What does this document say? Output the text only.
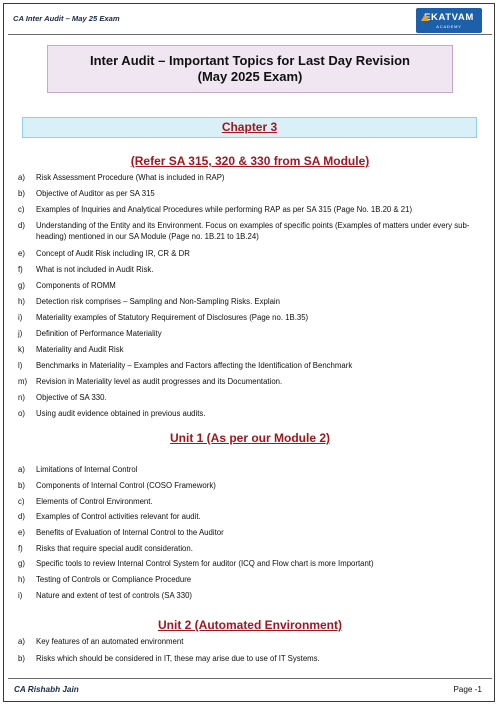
CA Inter Audit – May 25 Exam	EKATVAM
ACADEMY
Inter Audit – Important Topics for Last Day Revision
(May 2025 Exam)
Chapter 3
(Refer SA 315, 320 & 330 from SA Module)
a) Risk Assessment Procedure (What is included in RAP)
b) Objective of Auditor as per SA 315
c) Examples of Inquiries and Analytical Procedures while performing RAP as per SA 315 (Page No. 1B.20 & 21)
d) Understanding of the Entity and its Environment. Focus on examples of specific points (Examples of matters under every sub-heading) mentioned in our SA Module (Page no. 1B.21 to 1B.24)
e) Concept of Audit Risk including IR, CR & DR
f) What is not included in Audit Risk.
g) Components of ROMM
h) Detection risk comprises – Sampling and Non-Sampling Risks. Explain
i) Materiality examples of Statutory Requirement of Disclosures (Page no. 1B.35)
j) Definition of Performance Materiality
k) Materiality and Audit Risk
l) Benchmarks in Materiality – Examples and Factors affecting the Identification of Benchmark
m) Revision in Materiality level as audit progresses and its Documentation.
n) Objective of SA 330.
o) Using audit evidence obtained in previous audits.
Unit 1 (As per our Module 2)
a) Limitations of Internal Control
b) Components of Internal Control (COSO Framework)
c) Elements of Control Environment.
d) Examples of Control activities relevant for audit.
e) Benefits of Evaluation of Internal Control to the Auditor
f) Risks that require special audit consideration.
g) Specific tools to review Internal Control System for auditor (ICQ and Flow chart is more Important)
h) Testing of Controls or Compliance Procedure
i) Nature and extent of test of controls (SA 330)
Unit 2 (Automated Environment)
a) Key features of an automated environment
b) Risks which should be considered in IT, these may arise due to use of IT Systems.
CA Rishabh Jain	Page -1
